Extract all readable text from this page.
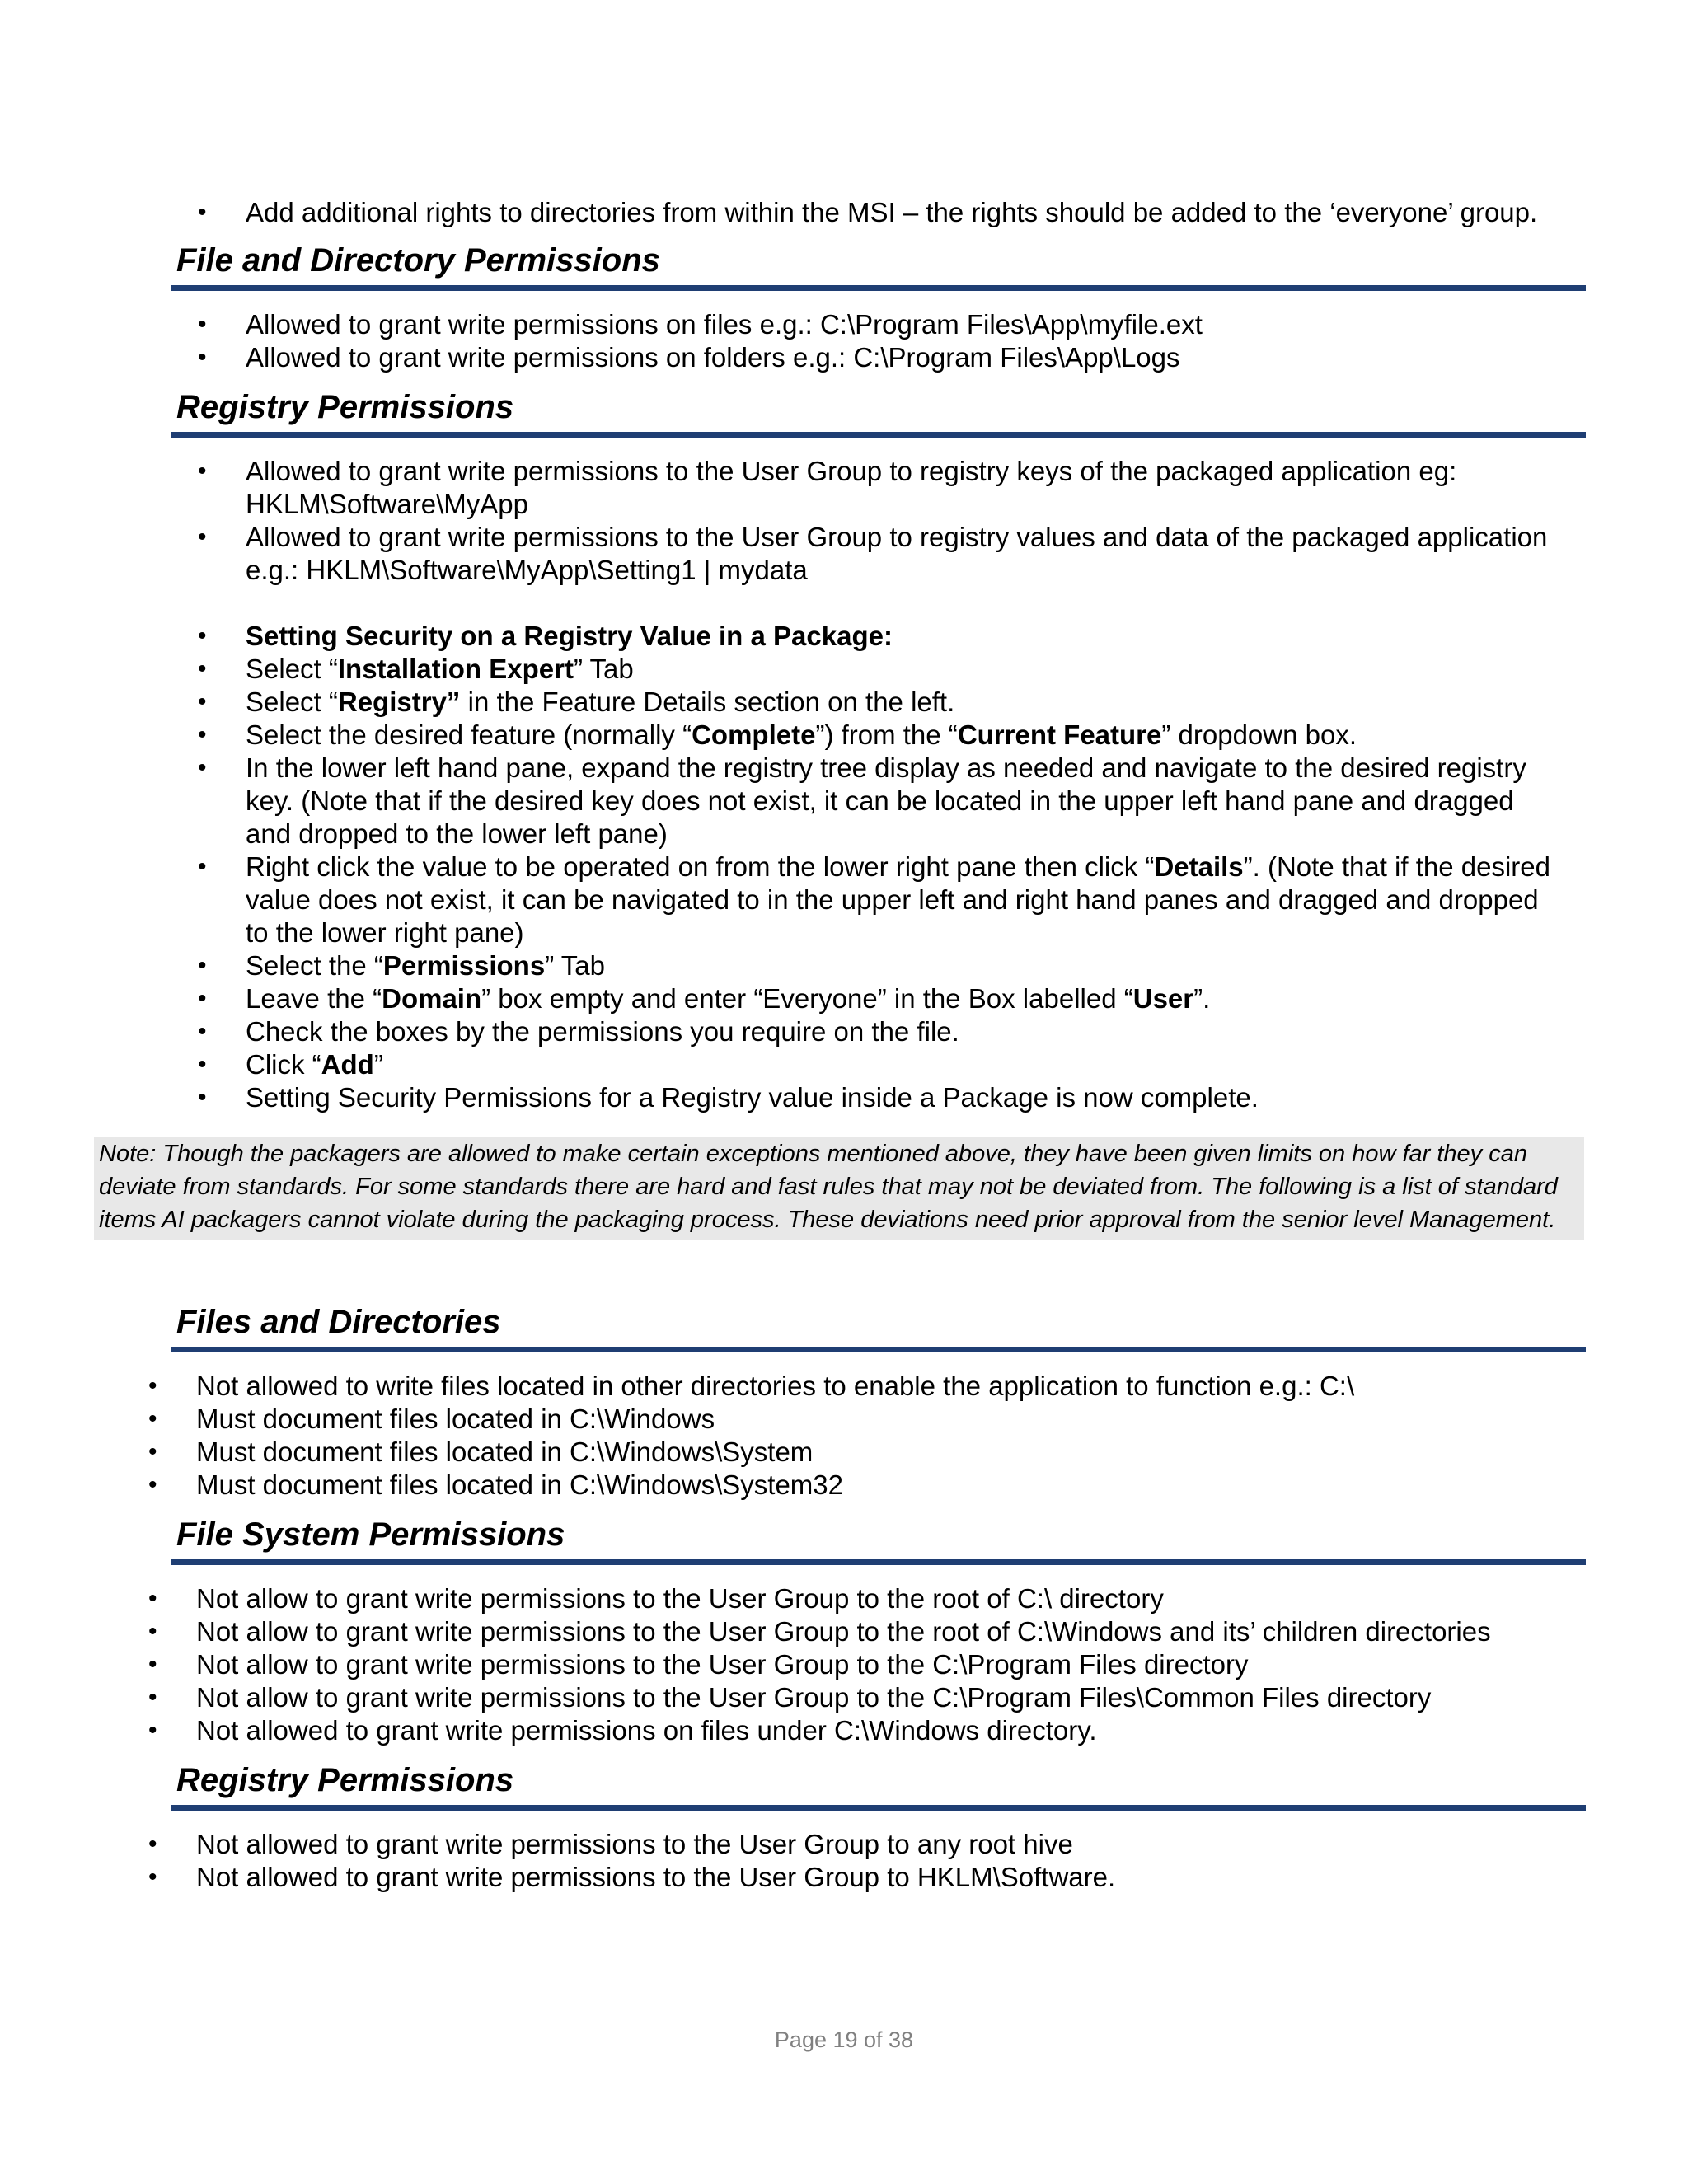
• Add additional rights to directories from within the MSI – the rights should be added to the ‘everyone’ group.
File and Directory Permissions
• Allowed to grant write permissions on files e.g.: C:\Program Files\App\myfile.ext
• Allowed to grant write permissions on folders e.g.: C:\Program Files\App\Logs
Registry Permissions
• Allowed to grant write permissions to the User Group to registry keys of the packaged application eg: HKLM\Software\MyApp
• Allowed to grant write permissions to the User Group to registry values and data of the packaged application e.g.: HKLM\Software\MyApp\Setting1 | mydata
• Setting Security on a Registry Value in a Package:
• Select “Installation Expert” Tab
• Select “Registry” in the Feature Details section on the left.
• Select the desired feature (normally “Complete”) from the “Current Feature” dropdown box.
• In the lower left hand pane, expand the registry tree display as needed and navigate to the desired registry key. (Note that if the desired key does not exist, it can be located in the upper left hand pane and dragged and dropped to the lower left pane)
• Right click the value to be operated on from the lower right pane then click “Details”. (Note that if the desired value does not exist, it can be navigated to in the upper left and right hand panes and dragged and dropped to the lower right pane)
• Select the “Permissions” Tab
• Leave the “Domain” box empty and enter “Everyone” in the Box labelled “User”.
• Check the boxes by the permissions you require on the file.
• Click “Add”
• Setting Security Permissions for a Registry value inside a Package is now complete.
Note: Though the packagers are allowed to make certain exceptions mentioned above, they have been given limits on how far they can deviate from standards. For some standards there are hard and fast rules that may not be deviated from. The following is a list of standard items AI packagers cannot violate during the packaging process. These deviations need prior approval from the senior level Management.
Files and Directories
• Not allowed to write files located in other directories to enable the application to function e.g.: C:\
• Must document files located in C:\Windows
• Must document files located in C:\Windows\System
• Must document files located in C:\Windows\System32
File System Permissions
• Not allow to grant write permissions to the User Group to the root of C:\ directory
• Not allow to grant write permissions to the User Group to the root of C:\Windows and its’ children directories
• Not allow to grant write permissions to the User Group to the C:\Program Files directory
• Not allow to grant write permissions to the User Group to the C:\Program Files\Common Files directory
• Not allowed to grant write permissions on files under C:\Windows directory.
Registry Permissions
• Not allowed to grant write permissions to the User Group to any root hive
• Not allowed to grant write permissions to the User Group to HKLM\Software.
Page 19 of 38
